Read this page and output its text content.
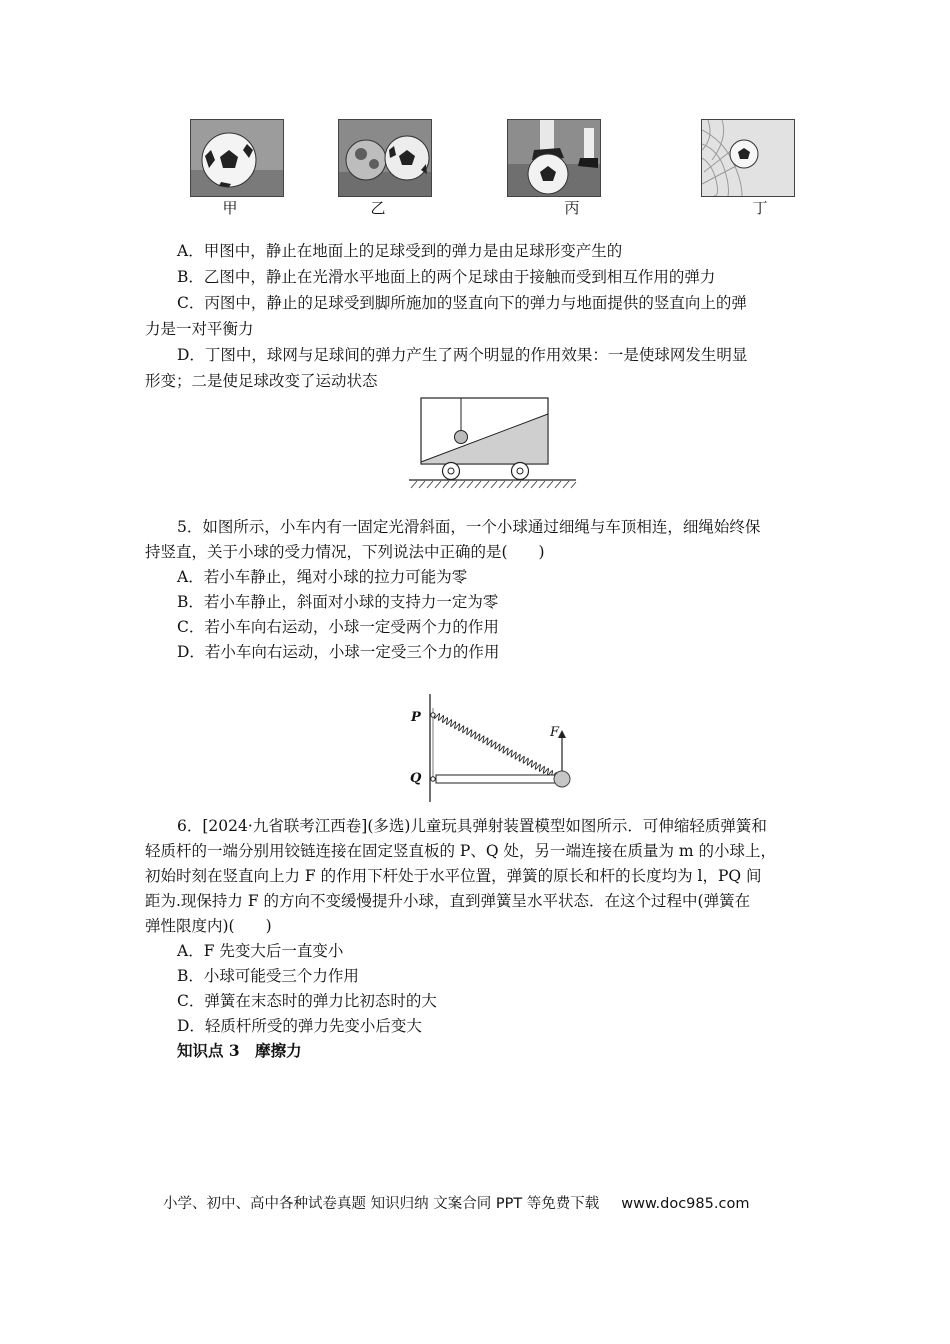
甲	乙	丙	丁
A．甲图中，静止在地面上的足球受到的弹力是由足球形变产生的
B．乙图中，静止在光滑水平地面上的两个足球由于接触而受到相互作用的弹力
C．丙图中，静止的足球受到脚所施加的竖直向下的弹力与地面提供的竖直向上的弹
力是一对平衡力
D．丁图中，球网与足球间的弹力产生了两个明显的作用效果：一是使球网发生明显
形变；二是使足球改变了运动状态
5．如图所示，小车内有一固定光滑斜面，一个小球通过细绳与车顶相连，细绳始终保
持竖直，关于小球的受力情况，下列说法中正确的是(　　)
A．若小车静止，绳对小球的拉力可能为零
B．若小车静止，斜面对小球的支持力一定为零
C．若小车向右运动，小球一定受两个力的作用
D．若小车向右运动，小球一定受三个力的作用
P
Q
F
6．[2024·九省联考江西卷](多选)儿童玩具弹射装置模型如图所示．可伸缩轻质弹簧和
轻质杆的一端分别用铰链连接在固定竖直板的 P、Q 处，另一端连接在质量为 m 的小球上，
初始时刻在竖直向上力 F 的作用下杆处于水平位置，弹簧的原长和杆的长度均为 l，PQ 间
距为.现保持力 F 的方向不变缓慢提升小球，直到弹簧呈水平状态．在这个过程中(弹簧在
弹性限度内)(　　)
A．F 先变大后一直变小
B．小球可能受三个力作用
C．弹簧在末态时的弹力比初态时的大
D．轻质杆所受的弹力先变小后变大
知识点 3　摩擦力
小学、初中、高中各种试卷真题 知识归纳 文案合同 PPT 等免费下载 www.doc985.com
